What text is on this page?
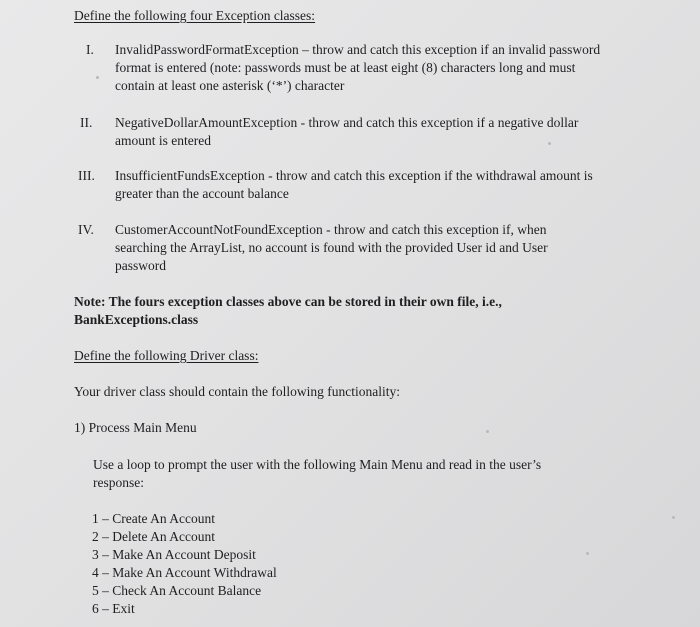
Define the following four Exception classes:
I.	InvalidPasswordFormatException – throw and catch this exception if an invalid password
format is entered (note: passwords must be at least eight (8) characters long and must
contain at least one asterisk (‘*’) character
II.	NegativeDollarAmountException - throw and catch this exception if a negative dollar
amount is entered
III.	InsufficientFundsException - throw and catch this exception if the withdrawal amount is
greater than the account balance
IV.	CustomerAccountNotFoundException - throw and catch this exception if, when
searching the ArrayList, no account is found with the provided User id and User
password
Note: The fours exception classes above can be stored in their own file, i.e.,
BankExceptions.class
Define the following Driver class:
Your driver class should contain the following functionality:
1) Process Main Menu
Use a loop to prompt the user with the following Main Menu and read in the user’s
response:
1 – Create An Account
2 – Delete An Account
3 – Make An Account Deposit
4 – Make An Account Withdrawal
5 – Check An Account Balance
6 – Exit
